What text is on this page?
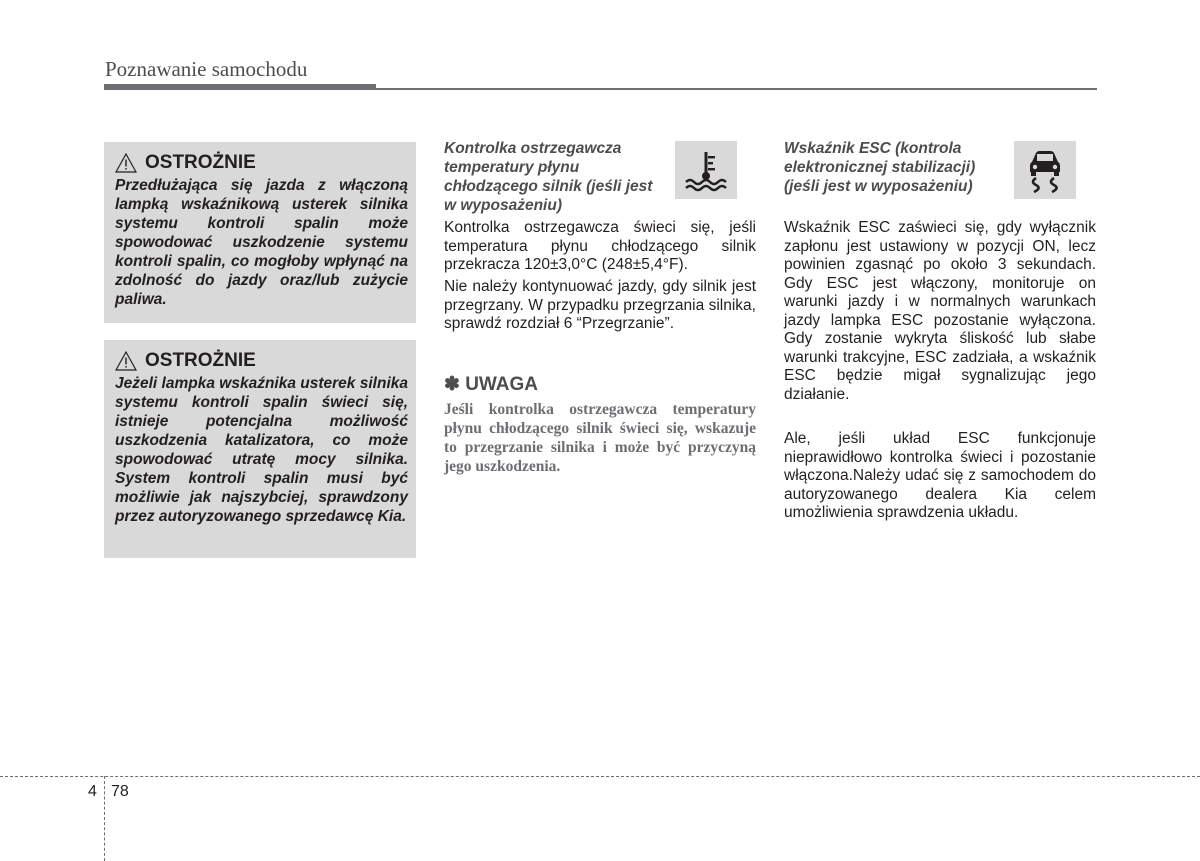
Poznawanie samochodu
OSTROŻNIE
Przedłużająca się jazda z włączoną lampką wskaźnikową usterek silnika systemu kontroli spalin może spowodować uszkodzenie systemu kontroli spalin, co mogłoby wpłynąć na zdolność do jazdy oraz/lub zużycie paliwa.
OSTROŻNIE
Jeżeli lampka wskaźnika usterek silnika systemu kontroli spalin świeci się, istnieje potencjalna możliwość uszkodzenia katalizatora, co może spowodować utratę mocy silnika. System kontroli spalin musi być możliwie jak najszybciej, sprawdzony przez autoryzowanego sprzedawcę Kia.
Kontrolka ostrzegawcza temperatury płynu chłodzącego silnik (jeśli jest w wyposażeniu)

Kontrolka ostrzegawcza świeci się, jeśli temperatura płynu chłodzącego silnik przekracza 120±3,0°C (248±5,4°F).

Nie należy kontynuować jazdy, gdy silnik jest przegrzany. W przypadku przegrzania silnika, sprawdź rozdział 6 “Przegrzanie”.

✽ UWAGA
Jeśli kontrolka ostrzegawcza temperatury płynu chłodzącego silnik świeci się, wskazuje to przegrzanie silnika i może być przyczyną jego uszkodzenia.
Wskaźnik ESC (kontrola elektronicznej stabilizacji) (jeśli jest w wyposażeniu)

Wskaźnik ESC zaświeci się, gdy wyłącznik zapłonu jest ustawiony w pozycji ON, lecz powinien zgasnąć po około 3 sekundach. Gdy ESC jest włączony, monitoruje on warunki jazdy i w normalnych warunkach jazdy lampka ESC pozostanie wyłączona. Gdy zostanie wykryta śliskość lub słabe warunki trakcyjne, ESC zadziała, a wskaźnik ESC będzie migał sygnalizując jego działanie.

Ale, jeśli układ ESC funkcjonuje nieprawidłowo kontrolka świeci i pozostanie włączona.Należy udać się z samochodem do autoryzowanego dealera Kia celem umożliwienia sprawdzenia układu.

4 78
